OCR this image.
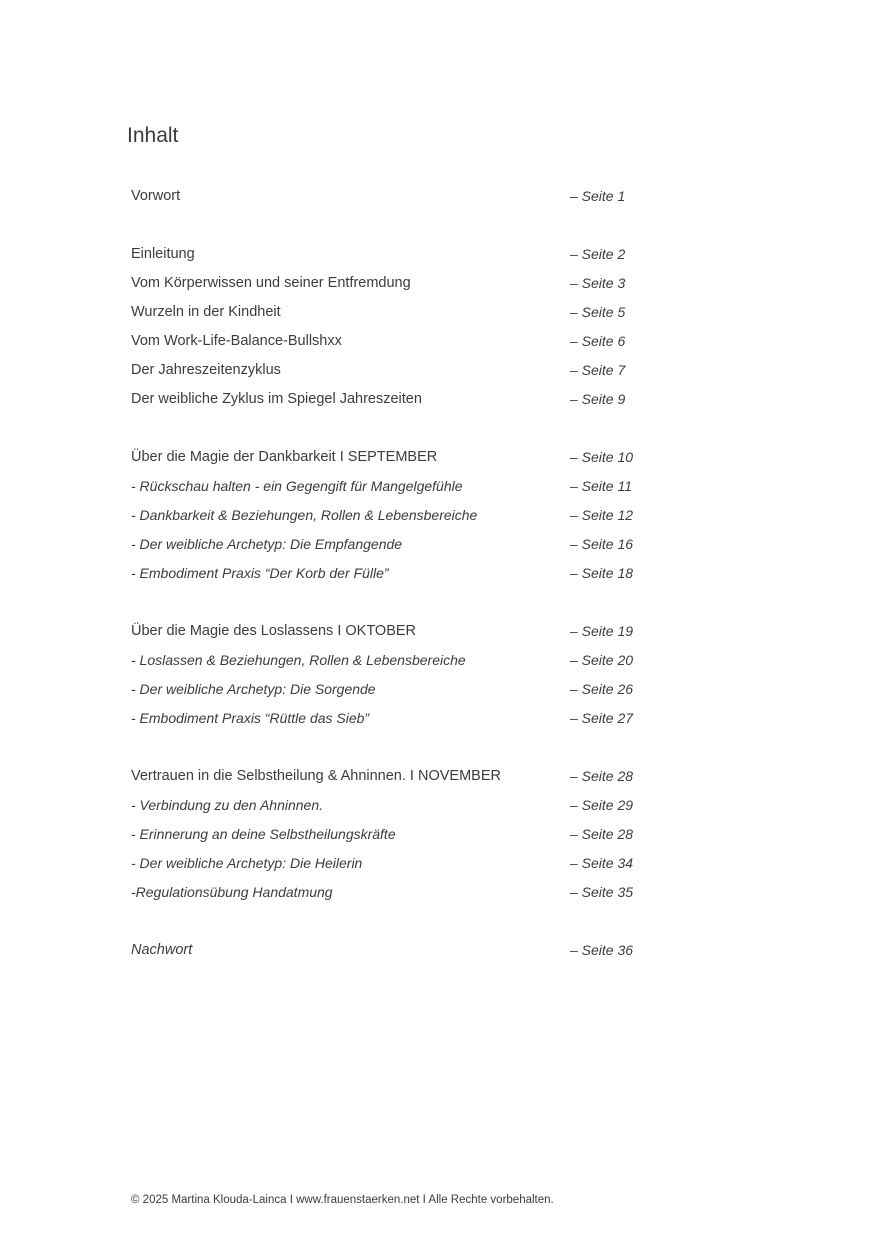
Inhalt
Vorwort	– Seite 1
Einleitung	– Seite 2
Vom Körperwissen und seiner Entfremdung	– Seite 3
Wurzeln in der Kindheit	– Seite 5
Vom Work-Life-Balance-Bullshxx	– Seite 6
Der Jahreszeitenzyklus	– Seite 7
Der weibliche Zyklus im Spiegel Jahreszeiten	– Seite 9
Über die Magie der Dankbarkeit I SEPTEMBER	– Seite 10
- Rückschau halten - ein Gegengift für Mangelgefühle	– Seite 11
- Dankbarkeit & Beziehungen, Rollen & Lebensbereiche	– Seite 12
- Der weibliche Archetyp: Die Empfangende	– Seite 16
- Embodiment Praxis “Der Korb der Fülle”	– Seite 18
Über die Magie des Loslassens I OKTOBER	– Seite 19
- Loslassen & Beziehungen, Rollen & Lebensbereiche	– Seite 20
- Der weibliche Archetyp: Die Sorgende	– Seite 26
- Embodiment Praxis “Rüttle das Sieb”	– Seite 27
Vertrauen in die Selbstheilung & Ahninnen. I NOVEMBER	– Seite 28
- Verbindung zu den Ahninnen.	– Seite 29
- Erinnerung an deine Selbstheilungskräfte	– Seite 28
- Der weibliche Archetyp: Die Heilerin	– Seite 34
-Regulationsübung Handatmung	– Seite 35
Nachwort	– Seite 36
© 2025 Martina Klouda-Lainca I www.frauenstaerken.net I Alle Rechte vorbehalten.
